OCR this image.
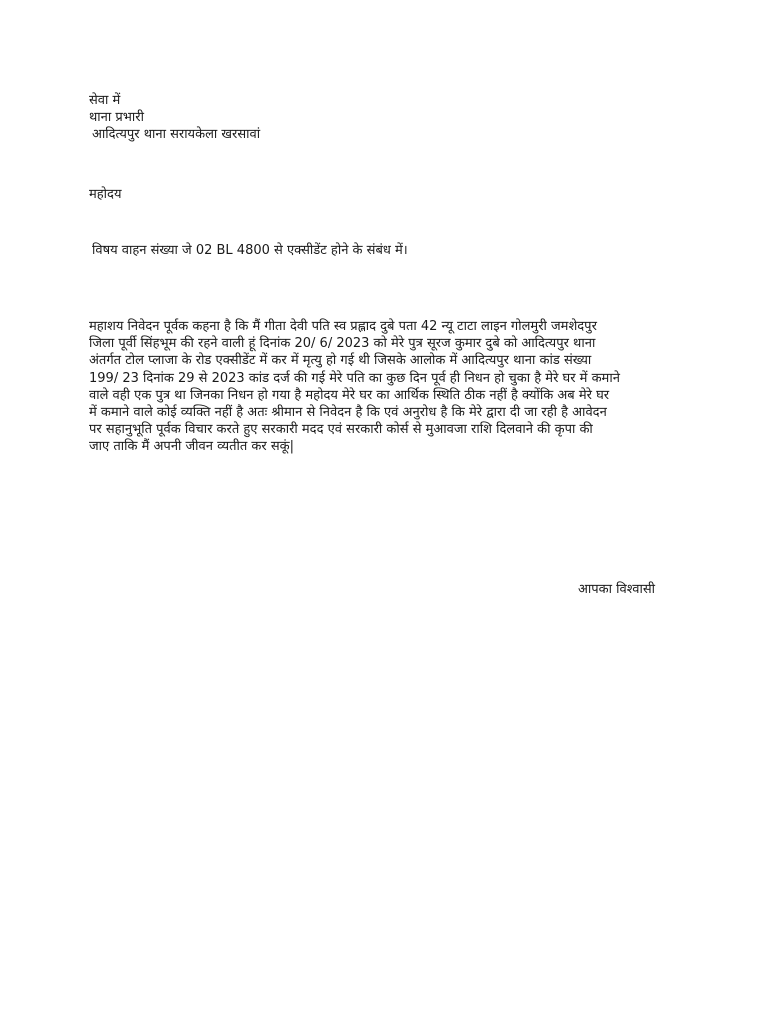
सेवा में
थाना प्रभारी
आदित्यपुर थाना सरायकेला खरसावां
महोदय
विषय वाहन संख्या जे 02 BL 4800 से एक्सीडेंट होने के संबंध में।
महाशय निवेदन पूर्वक कहना है कि मैं गीता देवी पति स्व प्रह्लाद दुबे पता 42 न्यू टाटा लाइन गोलमुरी जमशेदपुर
जिला पूर्वी सिंहभूम की रहने वाली हूं दिनांक 20/ 6/ 2023 को मेरे पुत्र सूरज कुमार दुबे को आदित्यपुर थाना
अंतर्गत टोल प्लाजा के रोड एक्सीडेंट में कर में मृत्यु हो गई थी जिसके आलोक में आदित्यपुर थाना कांड संख्या
199/ 23 दिनांक 29 से 2023 कांड दर्ज की गई मेरे पति का कुछ दिन पूर्व ही निधन हो चुका है मेरे घर में कमाने
वाले वही एक पुत्र था जिनका निधन हो गया है महोदय मेरे घर का आर्थिक स्थिति ठीक नहीं है क्योंकि अब मेरे घर
में कमाने वाले कोई व्यक्ति नहीं है अतः श्रीमान से निवेदन है कि एवं अनुरोध है कि मेरे द्वारा दी जा रही है आवेदन
पर सहानुभूति पूर्वक विचार करते हुए सरकारी मदद एवं सरकारी कोर्स से मुआवजा राशि दिलवाने की कृपा की
जाए ताकि मैं अपनी जीवन व्यतीत कर सकूं|
आपका विश्वासी
